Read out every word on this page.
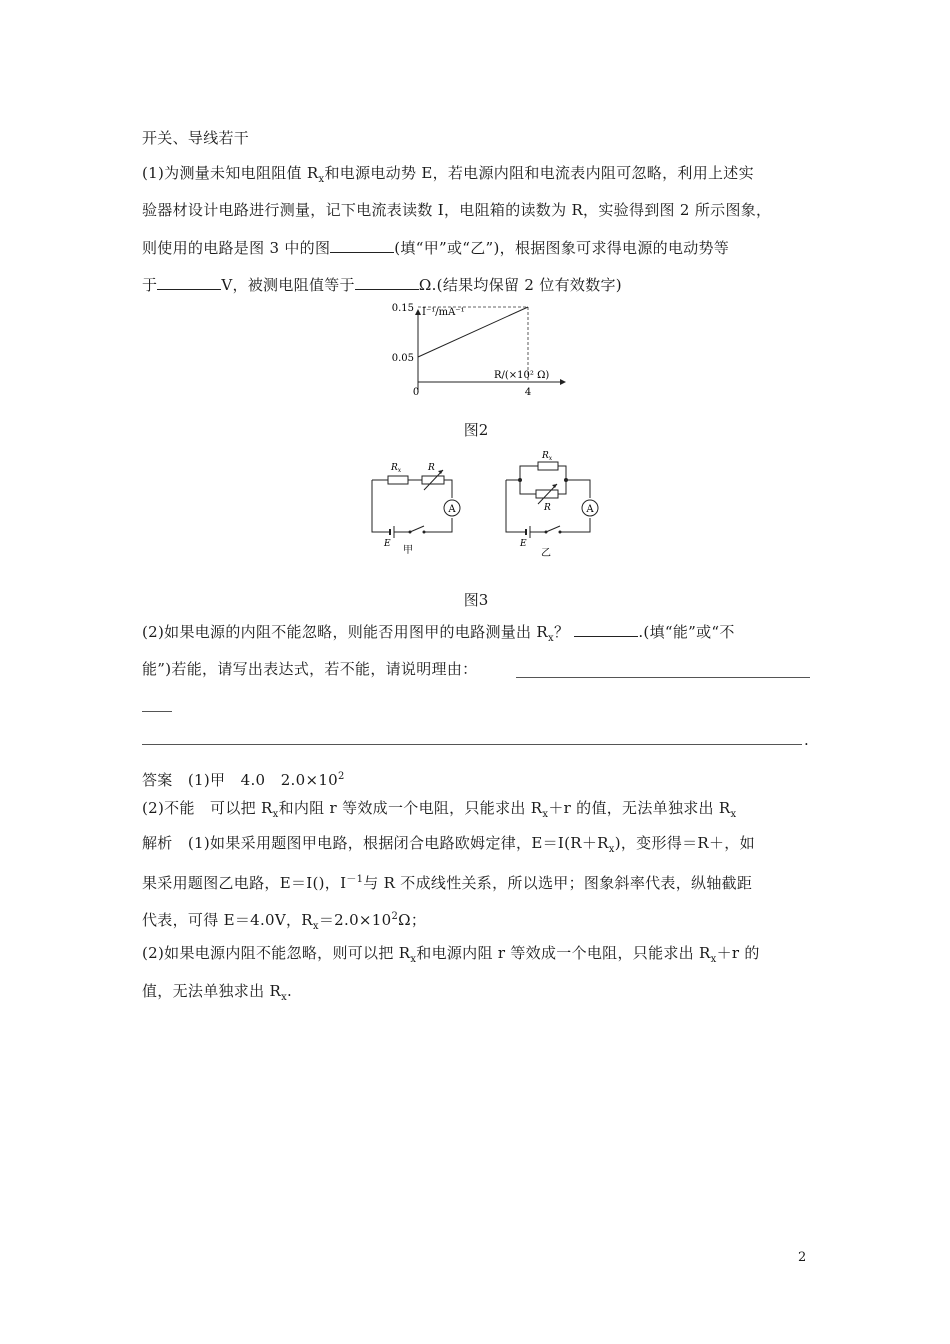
开关、导线若干
(1)为测量未知电阻阻值 $R_x$和电源电动势 E，若电源内阻和电流表内阻可忽略，利用上述实
验器材设计电路进行测量，记下电流表读数 I，电阻箱的读数为 R，实验得到图 2 所示图象，
则使用的电路是图 3 中的图	(填“甲”或“乙”)，根据图象可求得电源的电动势等
于	V，被测电阻值等于	Ω.(结果均保留 2 位有效数字)
I⁻¹/mA⁻¹
0.15
0.05
0	4
R/(×10² Ω)
图2
A
$R_x$	R
E
甲
A
$R_x$
R
E
乙
图3
(2)如果电源的内阻不能忽略，则能否用图甲的电路测量出 $R_x$？	.(填“能”或“不
能”)若能，请写出表达式，若不能，请说明理由：
.
答案　(1)甲　4.0　$2.0\times 10^2$
(2)不能　可以把 $R_x$和内阻 r 等效成一个电阻，只能求出 $R_x+r$ 的值，无法单独求出 $R_x$
解析　(1)如果采用题图甲电路，根据闭合电路欧姆定律，$E=I(R+R_x)$，变形得＝R＋，如
果采用题图乙电路，E＝I()，$I^{-1}$与 R 不成线性关系，所以选甲；图象斜率代表，纵轴截距
代表，可得 E＝4.0V，$R_x=2.0\times 10^2\Omega$；
(2)如果电源内阻不能忽略，则可以把 $R_x$和电源内阻 r 等效成一个电阻，只能求出 $R_x+r$ 的
值，无法单独求出 $R_x$.
2
